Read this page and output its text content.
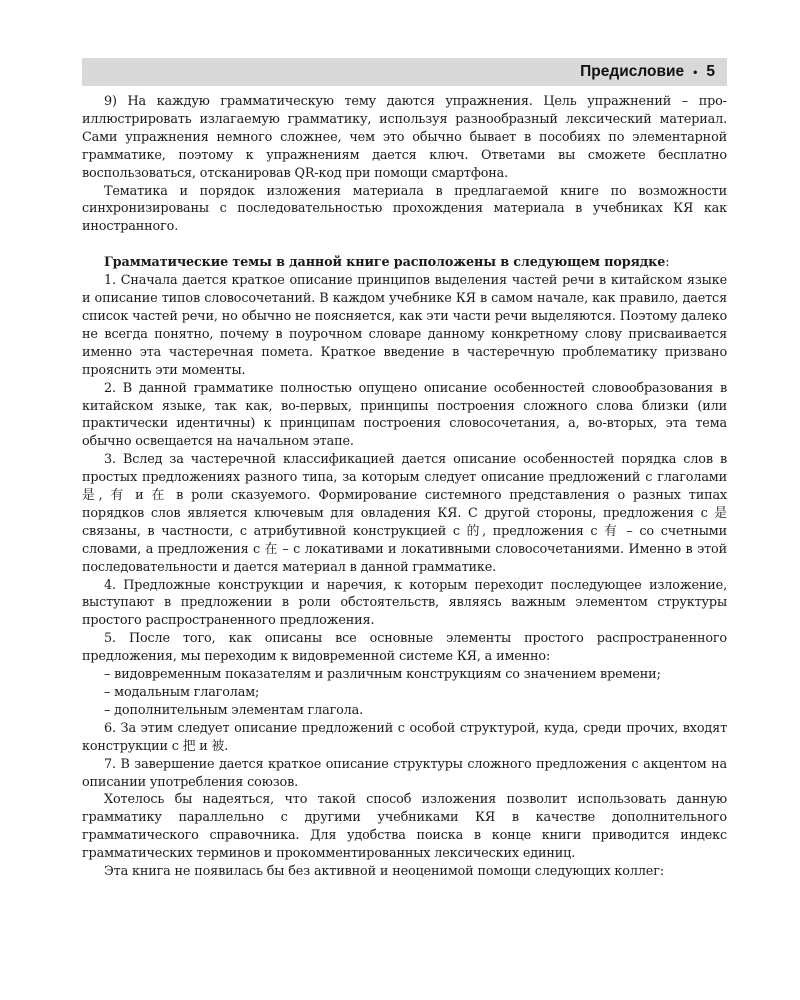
Предисловие • 5

9) На каждую грамматическую тему даются упражнения. Цель упражнений – проиллюстрировать излагаемую грамматику, используя разнообразный лексический материал. Сами упражнения немного сложнее, чем это обычно бывает в пособиях по элементарной грамматике, поэтому к упражнениям дается ключ. Ответами вы сможете бесплатно воспользоваться, отсканировав QR-код при помощи смартфона.

Тематика и порядок изложения материала в предлагаемой книге по возможности синхронизированы с последовательностью прохождения материала в учебниках КЯ как иностранного.

Грамматические темы в данной книге расположены в следующем порядке:

1. Сначала дается краткое описание принципов выделения частей речи в китайском языке и описание типов словосочетаний. В каждом учебнике КЯ в самом начале, как правило, дается список частей речи, но обычно не поясняется, как эти части речи выделяются. Поэтому далеко не всегда понятно, почему в поурочном словаре данному конкретному слову присваивается именно эта частеречная помета. Краткое введение в частеречную проблематику призвано прояснить эти моменты.

2. В данной грамматике полностью опущено описание особенностей словообразования в китайском языке, так как, во-первых, принципы построения сложного слова близки (или практически идентичны) к принципам построения словосочетания, а, во-вторых, эта тема обычно освещается на начальном этапе.

3. Вслед за частеречной классификацией дается описание особенностей порядка слов в простых предложениях разного типа, за которым следует описание предложений с глаголами 是, 有 и 在 в роли сказуемого. Формирование системного представления о разных типах порядков слов является ключевым для овладения КЯ. С другой стороны, предложения с 是 связаны, в частности, с атрибутивной конструкцией с 的, предложения с 有 – со счетными словами, а предложения с 在 – с локативами и локативными словосочетаниями. Именно в этой последовательности и дается материал в данной грамматике.

4. Предложные конструкции и наречия, к которым переходит последующее изложение, выступают в предложении в роли обстоятельств, являясь важным элементом структуры простого распространенного предложения.

5. После того, как описаны все основные элементы простого распространенного предложения, мы переходим к видовременной системе КЯ, а именно:

– видовременным показателям и различным конструкциям со значением времени;

– модальным глаголам;

– дополнительным элементам глагола.

6. За этим следует описание предложений с особой структурой, куда, среди прочих, входят конструкции с 把 и 被.

7. В завершение дается краткое описание структуры сложного предложения с акцентом на описании употребления союзов.

Хотелось бы надеяться, что такой способ изложения позволит использовать данную грамматику параллельно с другими учебниками КЯ в качестве дополнительного грамматического справочника. Для удобства поиска в конце книги приводится индекс грамматических терминов и прокомментированных лексических единиц.

Эта книга не появилась бы без активной и неоценимой помощи следующих коллег:
